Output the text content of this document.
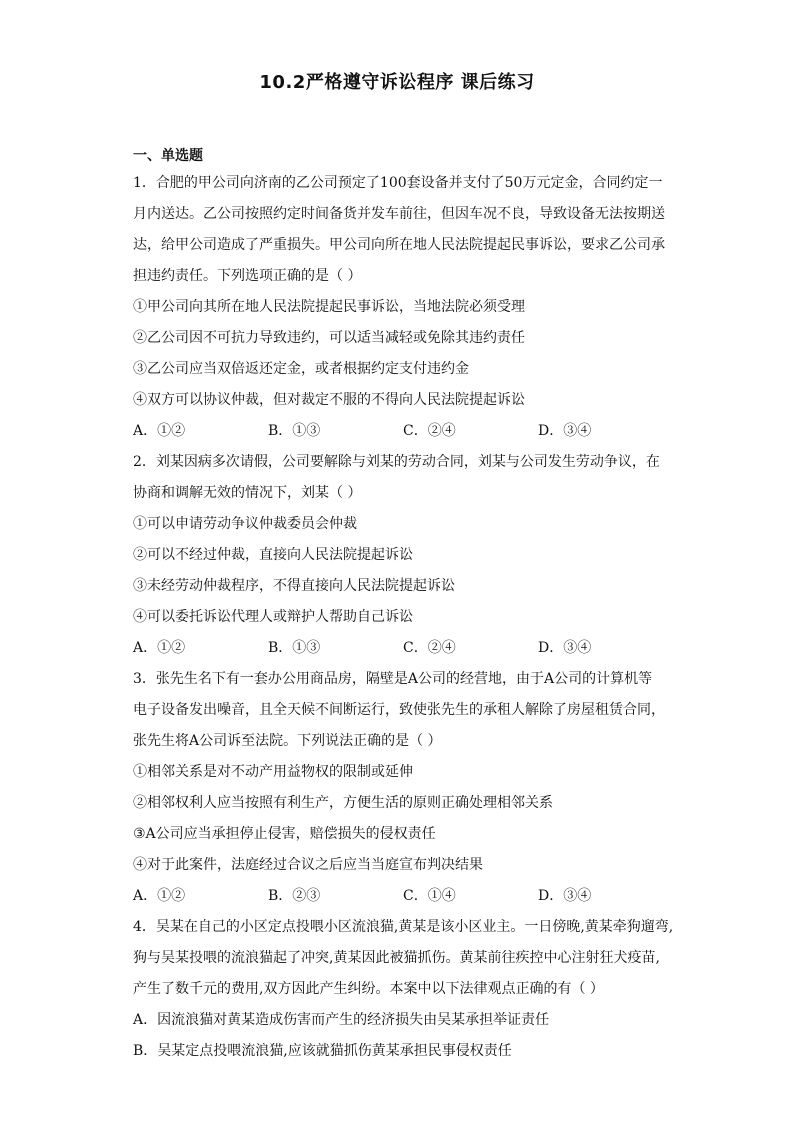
10.2严格遵守诉讼程序 课后练习
一、单选题
1．合肥的甲公司向济南的乙公司预定了100套设备并支付了50万元定金，合同约定一
月内送达。乙公司按照约定时间备货并发车前往，但因车况不良，导致设备无法按期送
达，给甲公司造成了严重损失。甲公司向所在地人民法院提起民事诉讼，要求乙公司承
担违约责任。下列选项正确的是（ ）
①甲公司向其所在地人民法院提起民事诉讼，当地法院必须受理
②乙公司因不可抗力导致违约，可以适当减轻或免除其违约责任
③乙公司应当双倍返还定金，或者根据约定支付违约金
④双方可以协议仲裁，但对裁定不服的不得向人民法院提起诉讼
A．①②	B．①③	C．②④	D．③④
2．刘某因病多次请假，公司要解除与刘某的劳动合同，刘某与公司发生劳动争议，在
协商和调解无效的情况下，刘某（ ）
①可以申请劳动争议仲裁委员会仲裁
②可以不经过仲裁，直接向人民法院提起诉讼
③未经劳动仲裁程序，不得直接向人民法院提起诉讼
④可以委托诉讼代理人或辩护人帮助自己诉讼
A．①②	B．①③	C．②④	D．③④
3．张先生名下有一套办公用商品房，隔壁是A公司的经营地，由于A公司的计算机等
电子设备发出噪音，且全天候不间断运行，致使张先生的承租人解除了房屋租赁合同，
张先生将A公司诉至法院。下列说法正确的是（ ）
①相邻关系是对不动产用益物权的限制或延伸
②相邻权利人应当按照有利生产，方便生活的原则正确处理相邻关系
③A公司应当承担停止侵害，赔偿损失的侵权责任
④对于此案件，法庭经过合议之后应当当庭宣布判决结果
A．①②	B．②③	C．①④	D．③④
4．吴某在自己的小区定点投喂小区流浪猫,黄某是该小区业主。一日傍晚,黄某牵狗遛弯,
狗与吴某投喂的流浪猫起了冲突,黄某因此被猫抓伤。黄某前往疾控中心注射狂犬疫苗,
产生了数千元的费用,双方因此产生纠纷。本案中以下法律观点正确的有（ ）
A．因流浪猫对黄某造成伤害而产生的经济损失由吴某承担举证责任
B．吴某定点投喂流浪猫,应该就猫抓伤黄某承担民事侵权责任
